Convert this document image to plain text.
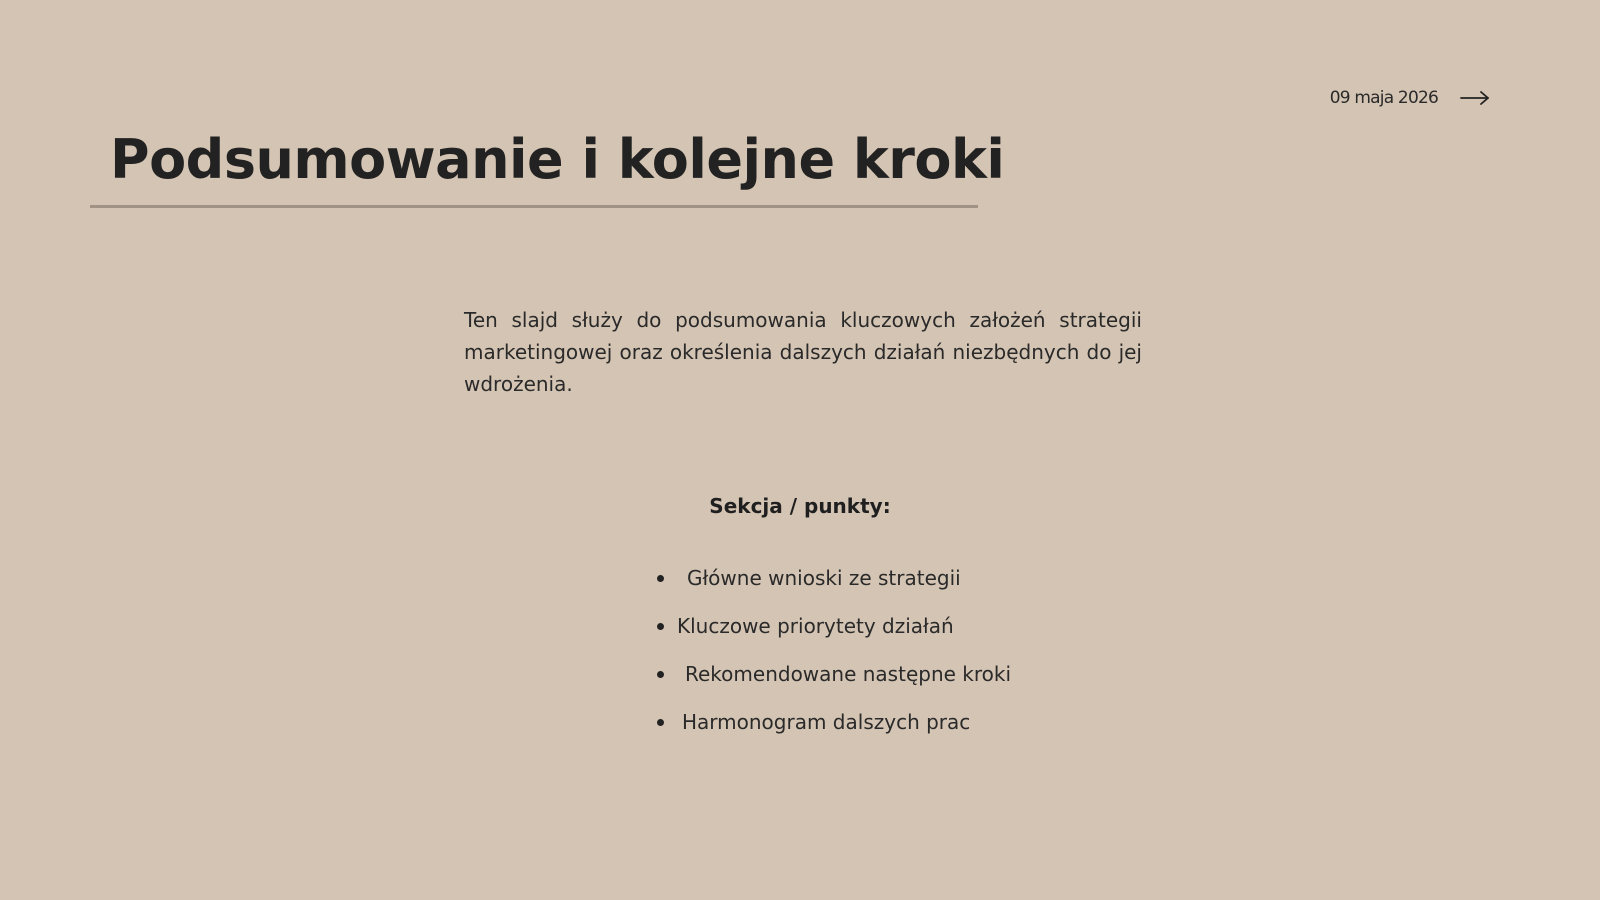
09 maja 2026
Podsumowanie i kolejne kroki

Ten slajd służy do podsumowania kluczowych założeń strategii marketingowej oraz określenia dalszych działań niezbędnych do jej wdrożenia.

Sekcja / punkty:
Główne wnioski ze strategii
Kluczowe priorytety działań
Rekomendowane następne kroki
Harmonogram dalszych prac
